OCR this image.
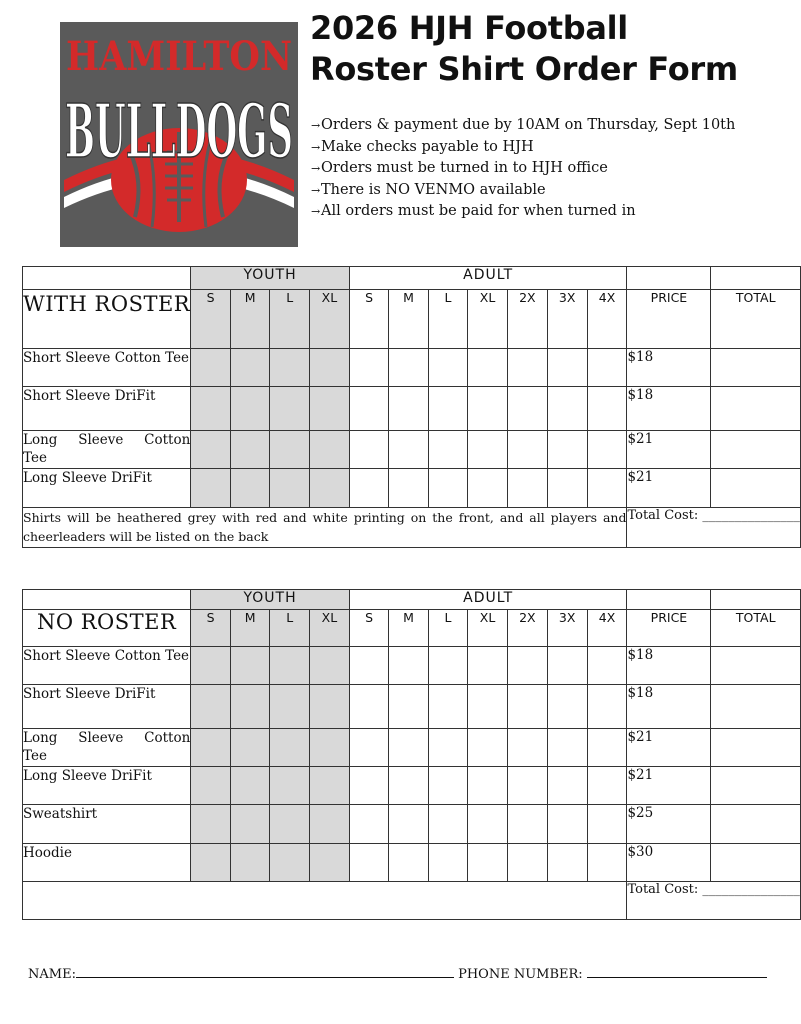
HAMILTON
BULLDOGS
2026 HJH Football
Roster Shirt Order Form
→Orders & payment due by 10AM on Thursday, Sept 10th
→Make checks payable to HJH
→Orders must be turned in to HJH office
→There is NO VENMO available
→All orders must be paid for when turned in
	YOUTH				ADULT								
WITH ROSTER	S	M	L	XL	S	M	L	XL	2X	3X	4X	PRICE	TOTAL
Short Sleeve Cotton Tee												$18	
Short Sleeve DriFit												$18	
Long Sleeve Cotton Tee												$21	
Long Sleeve DriFit												$21	
Shirts will be heathered grey with red and white printing on the front, and all players and cheerleaders will be listed on the back												Total Cost: _______________	
	YOUTH				ADULT								
NO ROSTER	S	M	L	XL	S	M	L	XL	2X	3X	4X	PRICE	TOTAL
Short Sleeve Cotton Tee												$18	
Short Sleeve DriFit												$18	
Long Sleeve Cotton Tee												$21	
Long Sleeve DriFit												$21	
Sweatshirt												$25	
Hoodie												$30	
												Total Cost: _______________	
NAME:	PHONE NUMBER:
